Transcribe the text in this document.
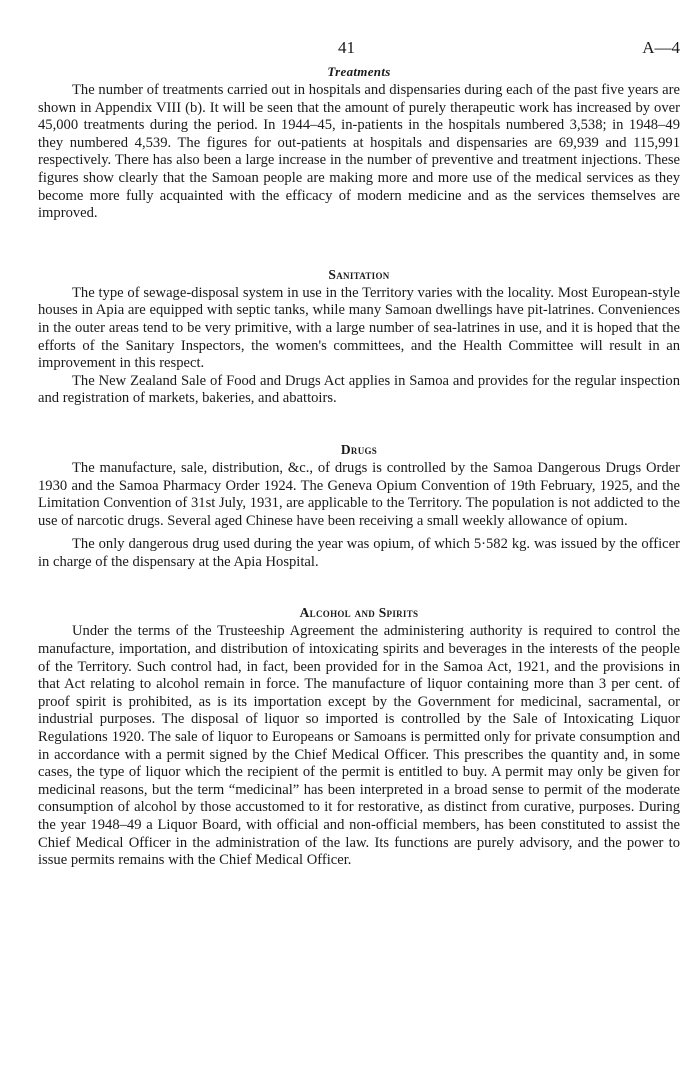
41	A—4
Treatments

The number of treatments carried out in hospitals and dispensaries during each of the past five years are shown in Appendix VIII (b). It will be seen that the amount of purely therapeutic work has increased by over 45,000 treatments during the period. In 1944–45, in-patients in the hospitals numbered 3,538; in 1948–49 they numbered 4,539. The figures for out-patients at hospitals and dispensaries are 69,939 and 115,991 respectively. There has also been a large increase in the number of preventive and treatment injections. These figures show clearly that the Samoan people are making more and more use of the medical services as they become more fully acquainted with the efficacy of modern medicine and as the services themselves are improved.

Sanitation

The type of sewage-disposal system in use in the Territory varies with the locality. Most European-style houses in Apia are equipped with septic tanks, while many Samoan dwellings have pit-latrines. Conveniences in the outer areas tend to be very primitive, with a large number of sea-latrines in use, and it is hoped that the efforts of the Sanitary Inspectors, the women's committees, and the Health Committee will result in an improvement in this respect.

The New Zealand Sale of Food and Drugs Act applies in Samoa and provides for the regular inspection and registration of markets, bakeries, and abattoirs.

Drugs

The manufacture, sale, distribution, &c., of drugs is controlled by the Samoa Dangerous Drugs Order 1930 and the Samoa Pharmacy Order 1924. The Geneva Opium Convention of 19th February, 1925, and the Limitation Convention of 31st July, 1931, are applicable to the Territory. The population is not addicted to the use of narcotic drugs. Several aged Chinese have been receiving a small weekly allowance of opium.

The only dangerous drug used during the year was opium, of which 5·582 kg. was issued by the officer in charge of the dispensary at the Apia Hospital.

Alcohol and Spirits

Under the terms of the Trusteeship Agreement the administering authority is required to control the manufacture, importation, and distribution of intoxicating spirits and beverages in the interests of the people of the Territory. Such control had, in fact, been provided for in the Samoa Act, 1921, and the provisions in that Act relating to alcohol remain in force. The manufacture of liquor containing more than 3 per cent. of proof spirit is prohibited, as is its importation except by the Government for medicinal, sacramental, or industrial purposes. The disposal of liquor so imported is controlled by the Sale of Intoxicating Liquor Regulations 1920. The sale of liquor to Europeans or Samoans is permitted only for private consumption and in accordance with a permit signed by the Chief Medical Officer. This prescribes the quantity and, in some cases, the type of liquor which the recipient of the permit is entitled to buy. A permit may only be given for medicinal reasons, but the term “medicinal” has been interpreted in a broad sense to permit of the moderate consumption of alcohol by those accustomed to it for restorative, as distinct from curative, purposes. During the year 1948–49 a Liquor Board, with official and non-official members, has been constituted to assist the Chief Medical Officer in the administration of the law. Its functions are purely advisory, and the power to issue permits remains with the Chief Medical Officer.
